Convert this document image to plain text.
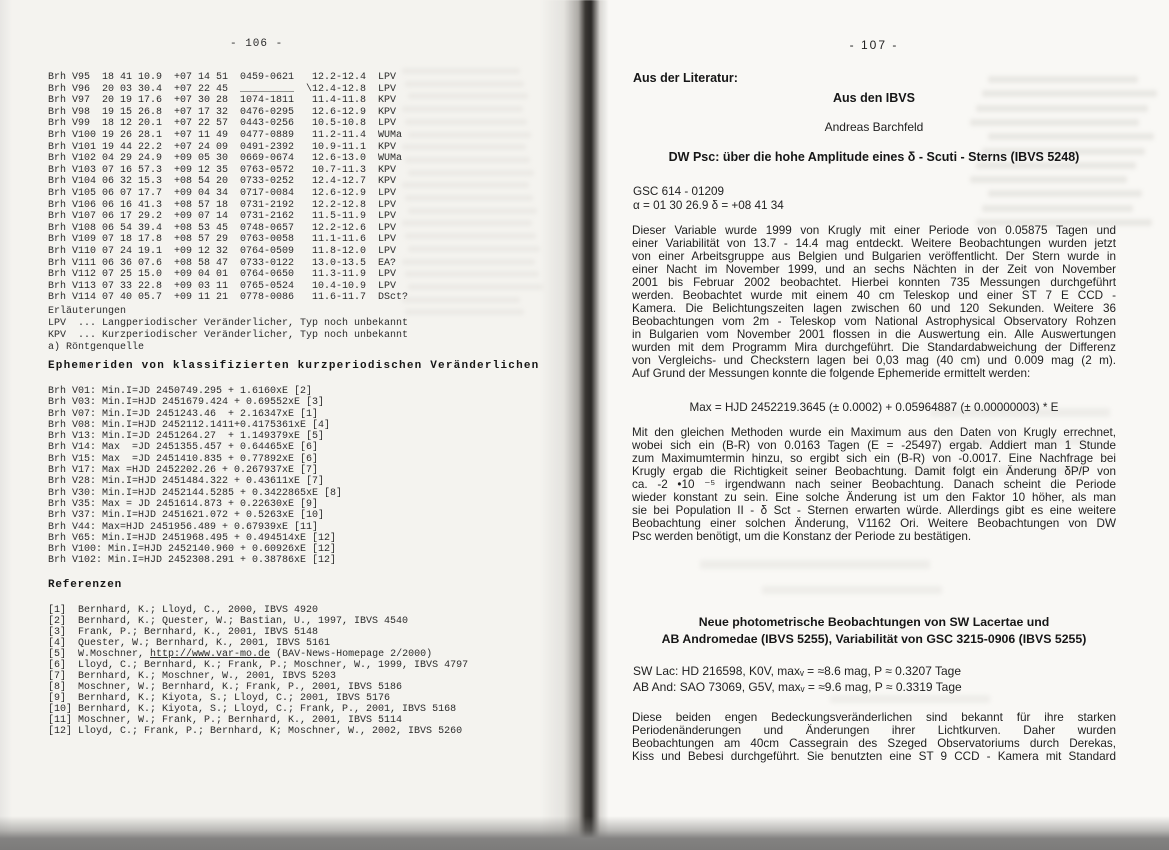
- 106 -
Brh V95  18 41 10.9  +07 14 51  0459-0621   12.2-12.4  LPV
Brh V96  20 03 30.4  +07 22 45  _________  \12.4-12.8  LPV
Brh V97  20 19 17.6  +07 30 28  1074-1811   11.4-11.8  KPV
Brh V98  19 15 26.8  +07 17 32  0476-0295   12.6-12.9  KPV
Brh V99  18 12 20.1  +07 22 57  0443-0256   10.5-10.8  LPV
Brh V100 19 26 28.1  +07 11 49  0477-0889   11.2-11.4  WUMa
Brh V101 19 44 22.2  +07 24 09  0491-2392   10.9-11.1  KPV
Brh V102 04 29 24.9  +09 05 30  0669-0674   12.6-13.0  WUMa
Brh V103 07 16 57.3  +09 12 35  0763-0572   10.7-11.3  KPV
Brh V104 06 32 15.3  +08 54 20  0733-0252   12.4-12.7  KPV
Brh V105 06 07 17.7  +09 04 34  0717-0084   12.6-12.9  LPV
Brh V106 06 16 41.3  +08 57 18  0731-2192   12.2-12.8  LPV
Brh V107 06 17 29.2  +09 07 14  0731-2162   11.5-11.9  LPV
Brh V108 06 54 39.4  +08 53 45  0748-0657   12.2-12.6  LPV
Brh V109 07 18 17.8  +08 57 29  0763-0058   11.1-11.6  LPV
Brh V110 07 24 19.1  +09 12 32  0764-0509   11.8-12.0  LPV
Brh V111 06 36 07.6  +08 58 47  0733-0122   13.0-13.5  EA?
Brh V112 07 25 15.0  +09 04 01  0764-0650   11.3-11.9  LPV
Brh V113 07 33 22.8  +09 03 11  0765-0524   10.4-10.9  LPV
Brh V114 07 40 05.7  +09 11 21  0778-0086   11.6-11.7  DSct?
Erläuterungen
LPV  ... Langperiodischer Veränderlicher, Typ noch unbekannt
KPV  ... Kurzperiodischer Veränderlicher, Typ noch unbekannt
a) Röntgenquelle
Ephemeriden von klassifizierten kurzperiodischen Veränderlichen
Brh V01: Min.I=JD 2450749.295 + 1.6160xE [2]
Brh V03: Min.I=HJD 2451679.424 + 0.69552xE [3]
Brh V07: Min.I=JD 2451243.46  + 2.16347xE [1]
Brh V08: Min.I=HJD 2452112.1411+0.4175361xE [4]
Brh V13: Min.I=JD 2451264.27  + 1.149379xE [5]
Brh V14: Max  =JD 2451355.457 + 0.64465xE [6]
Brh V15: Max  =JD 2451410.835 + 0.77892xE [6]
Brh V17: Max =HJD 2452202.26 + 0.267937xE [7]
Brh V28: Min.I=HJD 2451484.322 + 0.43611xE [7]
Brh V30: Min.I=HJD 2452144.5285 + 0.3422865xE [8]
Brh V35: Max = JD 2451614.873 + 0.22630xE [9]
Brh V37: Min.I=HJD 2451621.072 + 0.5263xE [10]
Brh V44: Max=HJD 2451956.489 + 0.67939xE [11]
Brh V65: Min.I=HJD 2451968.495 + 0.494514xE [12]
Brh V100: Min.I=HJD 2452140.960 + 0.60926xE [12]
Brh V102: Min.I=HJD 2452308.291 + 0.38786xE [12]
Referenzen
[1]  Bernhard, K.; Lloyd, C., 2000, IBVS 4920
[2]  Bernhard, K.; Quester, W.; Bastian, U., 1997, IBVS 4540
[3]  Frank, P.; Bernhard, K., 2001, IBVS 5148
[4]  Quester, W.; Bernhard, K., 2001, IBVS 5161
[5]  W.Moschner, http://www.var-mo.de (BAV-News-Homepage 2/2000)
[6]  Lloyd, C.; Bernhard, K.; Frank, P.; Moschner, W., 1999, IBVS 4797
[7]  Bernhard, K.; Moschner, W., 2001, IBVS 5203
[8]  Moschner, W.; Bernhard, K.; Frank, P., 2001, IBVS 5186
[9]  Bernhard, K.; Kiyota, S.; Lloyd, C.; 2001, IBVS 5176
[10] Bernhard, K.; Kiyota, S.; Lloyd, C.; Frank, P., 2001, IBVS 5168
[11] Moschner, W.; Frank, P.; Bernhard, K., 2001, IBVS 5114
[12] Lloyd, C.; Frank, P.; Bernhard, K; Moschner, W., 2002, IBVS 5260
- 107 -
Aus der Literatur:
Aus den IBVS
Andreas Barchfeld
DW Psc: über die hohe Amplitude eines δ - Scuti - Sterns (IBVS 5248)
GSC 614 - 01209
α = 01 30 26.9 δ = +08 41 34
Dieser Variable wurde 1999 von Krugly mit einer Periode von 0.05875 Tagen und
einer Variabilität von 13.7 - 14.4 mag entdeckt. Weitere Beobachtungen wurden jetzt
von einer Arbeitsgruppe aus Belgien und Bulgarien veröffentlicht. Der Stern wurde in
einer Nacht im November 1999, und an sechs Nächten in der Zeit von November
2001 bis Februar 2002 beobachtet. Hierbei konnten 735 Messungen durchgeführt
werden. Beobachtet wurde mit einem 40 cm Teleskop und einer ST 7 E CCD -
Kamera. Die Belichtungszeiten lagen zwischen 60 und 120 Sekunden. Weitere 36
Beobachtungen vom 2m - Teleskop vom National Astrophysical Observatory Rohzen
in Bulgarien vom November 2001 flossen in die Auswertung ein. Alle Auswertungen
wurden mit dem Programm Mira durchgeführt. Die Standardabweichung der Differenz
von Vergleichs- und Checkstern lagen bei 0,03 mag (40 cm) und 0.009 mag (2 m).
Auf Grund der Messungen konnte die folgende Ephemeride ermittelt werden:
Max = HJD 2452219.3645 (± 0.0002) + 0.05964887 (± 0.00000003) * E
Mit den gleichen Methoden wurde ein Maximum aus den Daten von Krugly errechnet,
wobei sich ein (B-R) von 0.0163 Tagen (E = -25497) ergab. Addiert man 1 Stunde
zum Maximumtermin hinzu, so ergibt sich ein (B-R) von -0.0017. Eine Nachfrage bei
Krugly ergab die Richtigkeit seiner Beobachtung. Damit folgt ein Änderung δP/P von
ca. -2 •10 ⁻⁵ irgendwann nach seiner Beobachtung. Danach scheint die Periode
wieder konstant zu sein. Eine solche Änderung ist um den Faktor 10 höher, als man
sie bei Population II - δ Sct - Sternen erwarten würde. Allerdings gibt es eine weitere
Beobachtung einer solchen Änderung, V1162 Ori. Weitere Beobachtungen von DW
Psc werden benötigt, um die Konstanz der Periode zu bestätigen.
Neue photometrische Beobachtungen von SW Lacertae und
AB Andromedae (IBVS 5255), Variabilität von GSC 3215-0906 (IBVS 5255)
SW Lac: HD 216598, K0V, maxᵥ = ≈8.6 mag, P ≈ 0.3207 Tage
AB And: SAO 73069, G5V, maxᵥ = ≈9.6 mag, P ≈ 0.3319 Tage
Diese beiden engen Bedeckungsveränderlichen sind bekannt für ihre starken
Periodenänderungen und Änderungen ihrer Lichtkurven. Daher wurden
Beobachtungen am 40cm Cassegrain des Szeged Observatoriums durch Derekas,
Kiss und Bebesi durchgeführt. Sie benutzten eine ST 9 CCD - Kamera mit Standard
